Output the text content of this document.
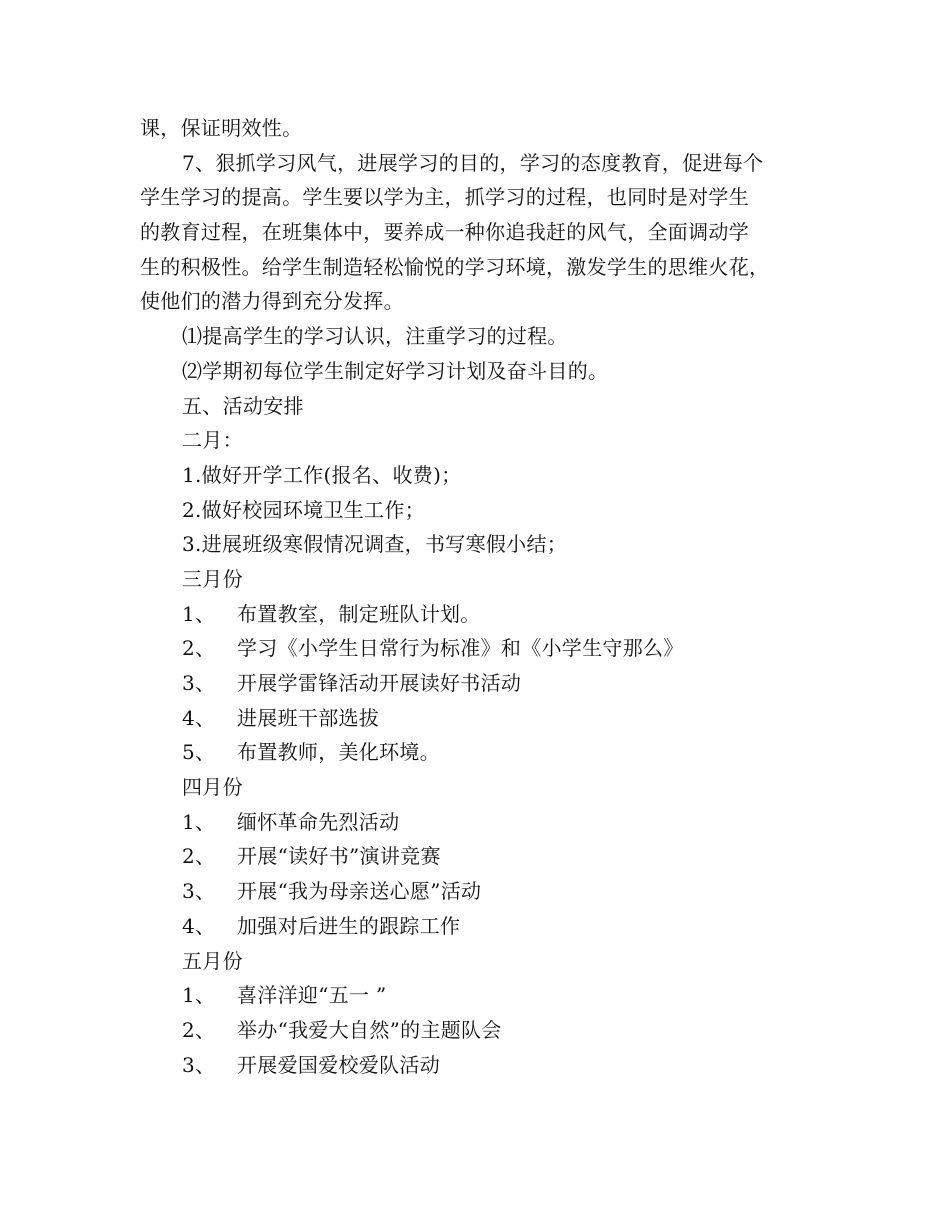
课，保证明效性。
7、狠抓学习风气，进展学习的目的，学习的态度教育，促进每个
学生学习的提高。学生要以学为主，抓学习的过程，也同时是对学生
的教育过程，在班集体中，要养成一种你追我赶的风气，全面调动学
生的积极性。给学生制造轻松愉悦的学习环境，激发学生的思维火花，
使他们的潜力得到充分发挥。
⑴提高学生的学习认识，注重学习的过程。
⑵学期初每位学生制定好学习计划及奋斗目的。
五、活动安排
二月：
1.做好开学工作(报名、收费)；
2.做好校园环境卫生工作；
3.进展班级寒假情况调查，书写寒假小结；
三月份
1、 布置教室，制定班队计划。
2、 学习《小学生日常行为标准》和《小学生守那么》
3、 开展学雷锋活动开展读好书活动
4、 进展班干部选拔
5、 布置教师，美化环境。
四月份
1、 缅怀革命先烈活动
2、 开展“读好书”演讲竞赛
3、 开展“我为母亲送心愿”活动
4、 加强对后进生的跟踪工作
五月份
1、 喜洋洋迎“五一 ”
2、 举办“我爱大自然”的主题队会
3、 开展爱国爱校爱队活动
